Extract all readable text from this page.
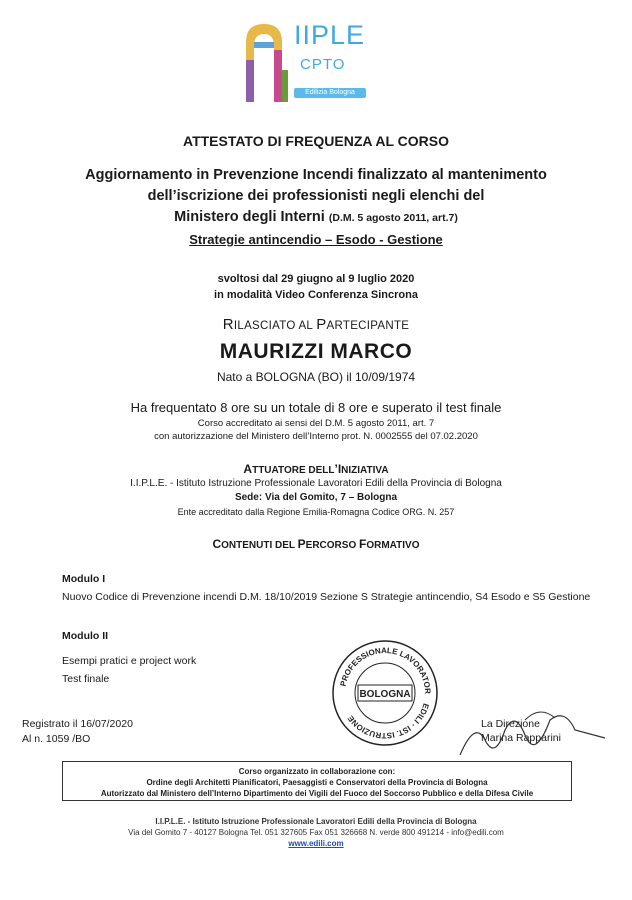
IIPLE
CPTO
Edilizia Bologna
ATTESTATO DI FREQUENZA AL CORSO
Aggiornamento in Prevenzione Incendi finalizzato al mantenimento
dell’iscrizione dei professionisti negli elenchi del
Ministero degli Interni (D.M. 5 agosto 2011, art.7)
Strategie antincendio – Esodo - Gestione
svoltosi dal 29 giugno al 9 luglio 2020
in modalità Video Conferenza Sincrona
RILASCIATO AL PARTECIPANTE
MAURIZZI MARCO
Nato a BOLOGNA (BO) il 10/09/1974
Ha frequentato 8 ore su un totale di 8 ore e superato il test finale
Corso accreditato ai sensi del D.M. 5 agosto 2011, art. 7
con autorizzazione del Ministero dell’Interno prot. N. 0002555 del 07.02.2020
ATTUATORE DELL’INIZIATIVA
I.I.P.L.E. - Istituto Istruzione Professionale Lavoratori Edili della Provincia di Bologna
Sede: Via del Gomito, 7 – Bologna
Ente accreditato dalla Regione Emilia-Romagna Codice ORG. N. 257
CONTENUTI DEL PERCORSO FORMATIVO
Modulo I
Nuovo Codice di Prevenzione incendi D.M. 18/10/2019 Sezione S Strategie antincendio, S4 Esodo e S5 Gestione
Modulo II
Esempi pratici e project work
Test finale
Registrato il 16/07/2020
Al n. 1059 /BO
PROFESSIONALE LAVORATOR
EDILI · IST. ISTRUZIONE
BOLOGNA
La Direzione
Marina Rapparini
Corso organizzato in collaborazione con:
Ordine degli Architetti Pianificatori, Paesaggisti e Conservatori della Provincia di Bologna
Autorizzato dal Ministero dell’Interno Dipartimento dei Vigili del Fuoco del Soccorso Pubblico e della Difesa Civile
I.I.P.L.E. - Istituto Istruzione Professionale Lavoratori Edili della Provincia di Bologna
Via del Gomito 7 - 40127 Bologna Tel. 051 327605 Fax 051 326668 N. verde 800 491214 - info@edili.com
www.edili.com
